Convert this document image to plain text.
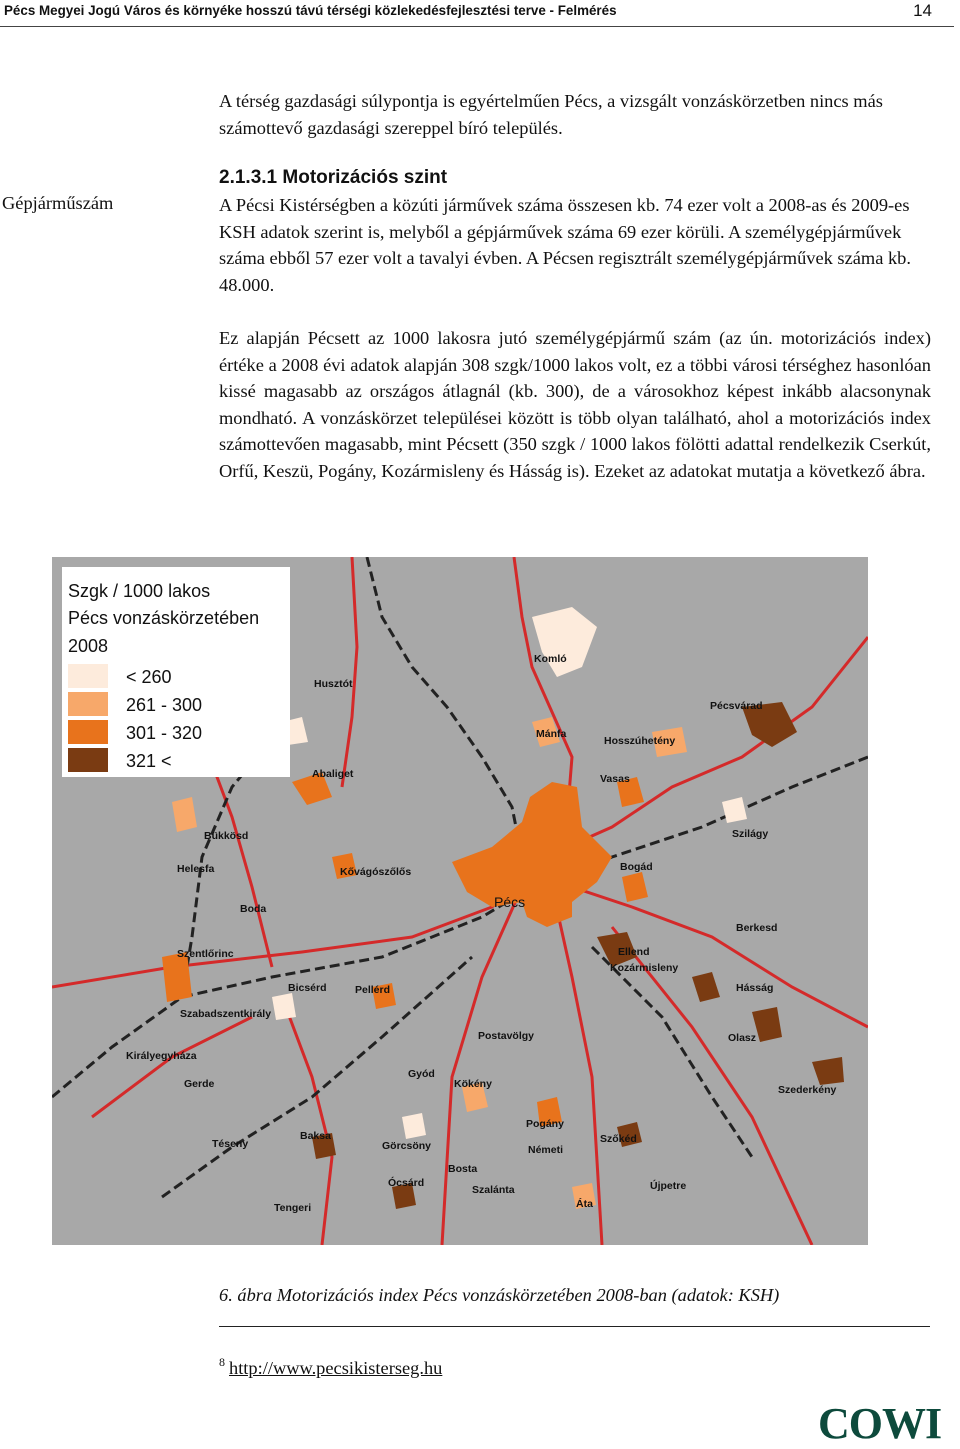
Pécs Megyei Jogú Város és környéke hosszú távú térségi közlekedésfejlesztési terve - Felmérés	14

A térség gazdasági súlypontja is egyértelműen Pécs, a vizsgált vonzáskörzetben nincs más számottevő gazdasági szereppel bíró település.

Gépjárműszám
2.1.3.1 Motorizációs szint

A Pécsi Kistérségben a közúti járművek száma összesen kb. 74 ezer volt a 2008-as és 2009-es KSH adatok szerint is, melyből a gépjárművek száma 69 ezer körüli. A személygépjárművek száma ebből 57 ezer volt a tavalyi évben. A Pécsen regisztrált személygépjárművek száma kb. 48.000.

Ez alapján Pécsett az 1000 lakosra jutó személygépjármű szám (az ún. motorizációs index) értéke a 2008 évi adatok alapján 308 szgk/1000 lakos volt, ez a többi városi térséghez hasonlóan kissé magasabb az országos átlagnál (kb. 300), de a városokhoz képest inkább alacsonynak mondható. A vonzáskörzet települései között is több olyan található, ahol a motorizációs index számottevően magasabb, mint Pécsett (350 szgk / 1000 lakos fölötti adattal rendelkezik Cserkút, Orfű, Keszü, Pogány, Kozármisleny és Hásság is). Ezeket az adatokat mutatja a következő ábra.

Szgk / 1000 lakos
Pécs vonzáskörzetében
2008
< 260
261 - 300
301 - 320
321 <
Pécs
Komló
Husztót
Pécsvárad
Mánfa
Hosszúhetény
Abaliget	Vasas
Bükkösd	Szilágy
Helesfa	Kővágószőlős	Bogád
Boda
Berkesd
Szentlőrinc
Kozármisleny
Ellend
Bicsérd	Pellérd	Hásság
Szabadszentkirály
Olasz
Postavölgy
Királyegyháza
Gerde
Gyód
Kökény	Szederkény
Pogány
Baksa	Szőkéd
Téseny	Görcsöny	Németi
Ócsárd
Bosta
Újpetre
Szalánta
Tengeri	Áta
6. ábra Motorizációs index Pécs vonzáskörzetében 2008-ban (adatok: KSH)
$^8$ http://www.pecsikisterseg.hu
COWI
